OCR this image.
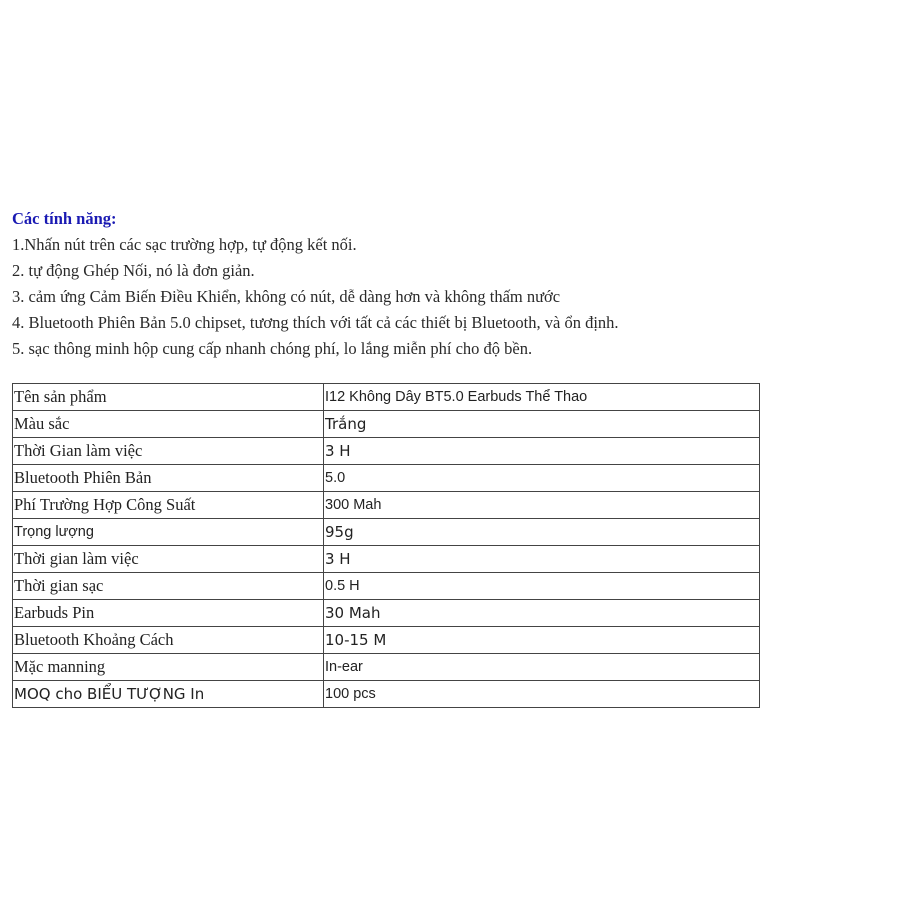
Các tính năng:
1.Nhấn nút trên các sạc trường hợp, tự động kết nối.
2. tự động Ghép Nối, nó là đơn giản.
3. cảm ứng Cảm Biến Điều Khiển, không có nút, dễ dàng hơn và không thấm nước
4. Bluetooth Phiên Bản 5.0 chipset, tương thích với tất cả các thiết bị Bluetooth, và ổn định.
5. sạc thông minh hộp cung cấp nhanh chóng phí, lo lắng miễn phí cho độ bền.
Tên sản phẩm	I12 Không Dây BT5.0 Earbuds Thể Thao
Màu sắc	Trắng
Thời Gian làm việc	3 H
Bluetooth Phiên Bản	5.0
Phí Trường Hợp Công Suất	300 Mah
Trọng lượng	95g
Thời gian làm việc	3 H
Thời gian sạc	0.5 H
Earbuds Pin	30 Mah
Bluetooth Khoảng Cách	10-15 M
Mặc manning	In-ear
MOQ cho BIỂU TƯỢNG In	100 pcs
